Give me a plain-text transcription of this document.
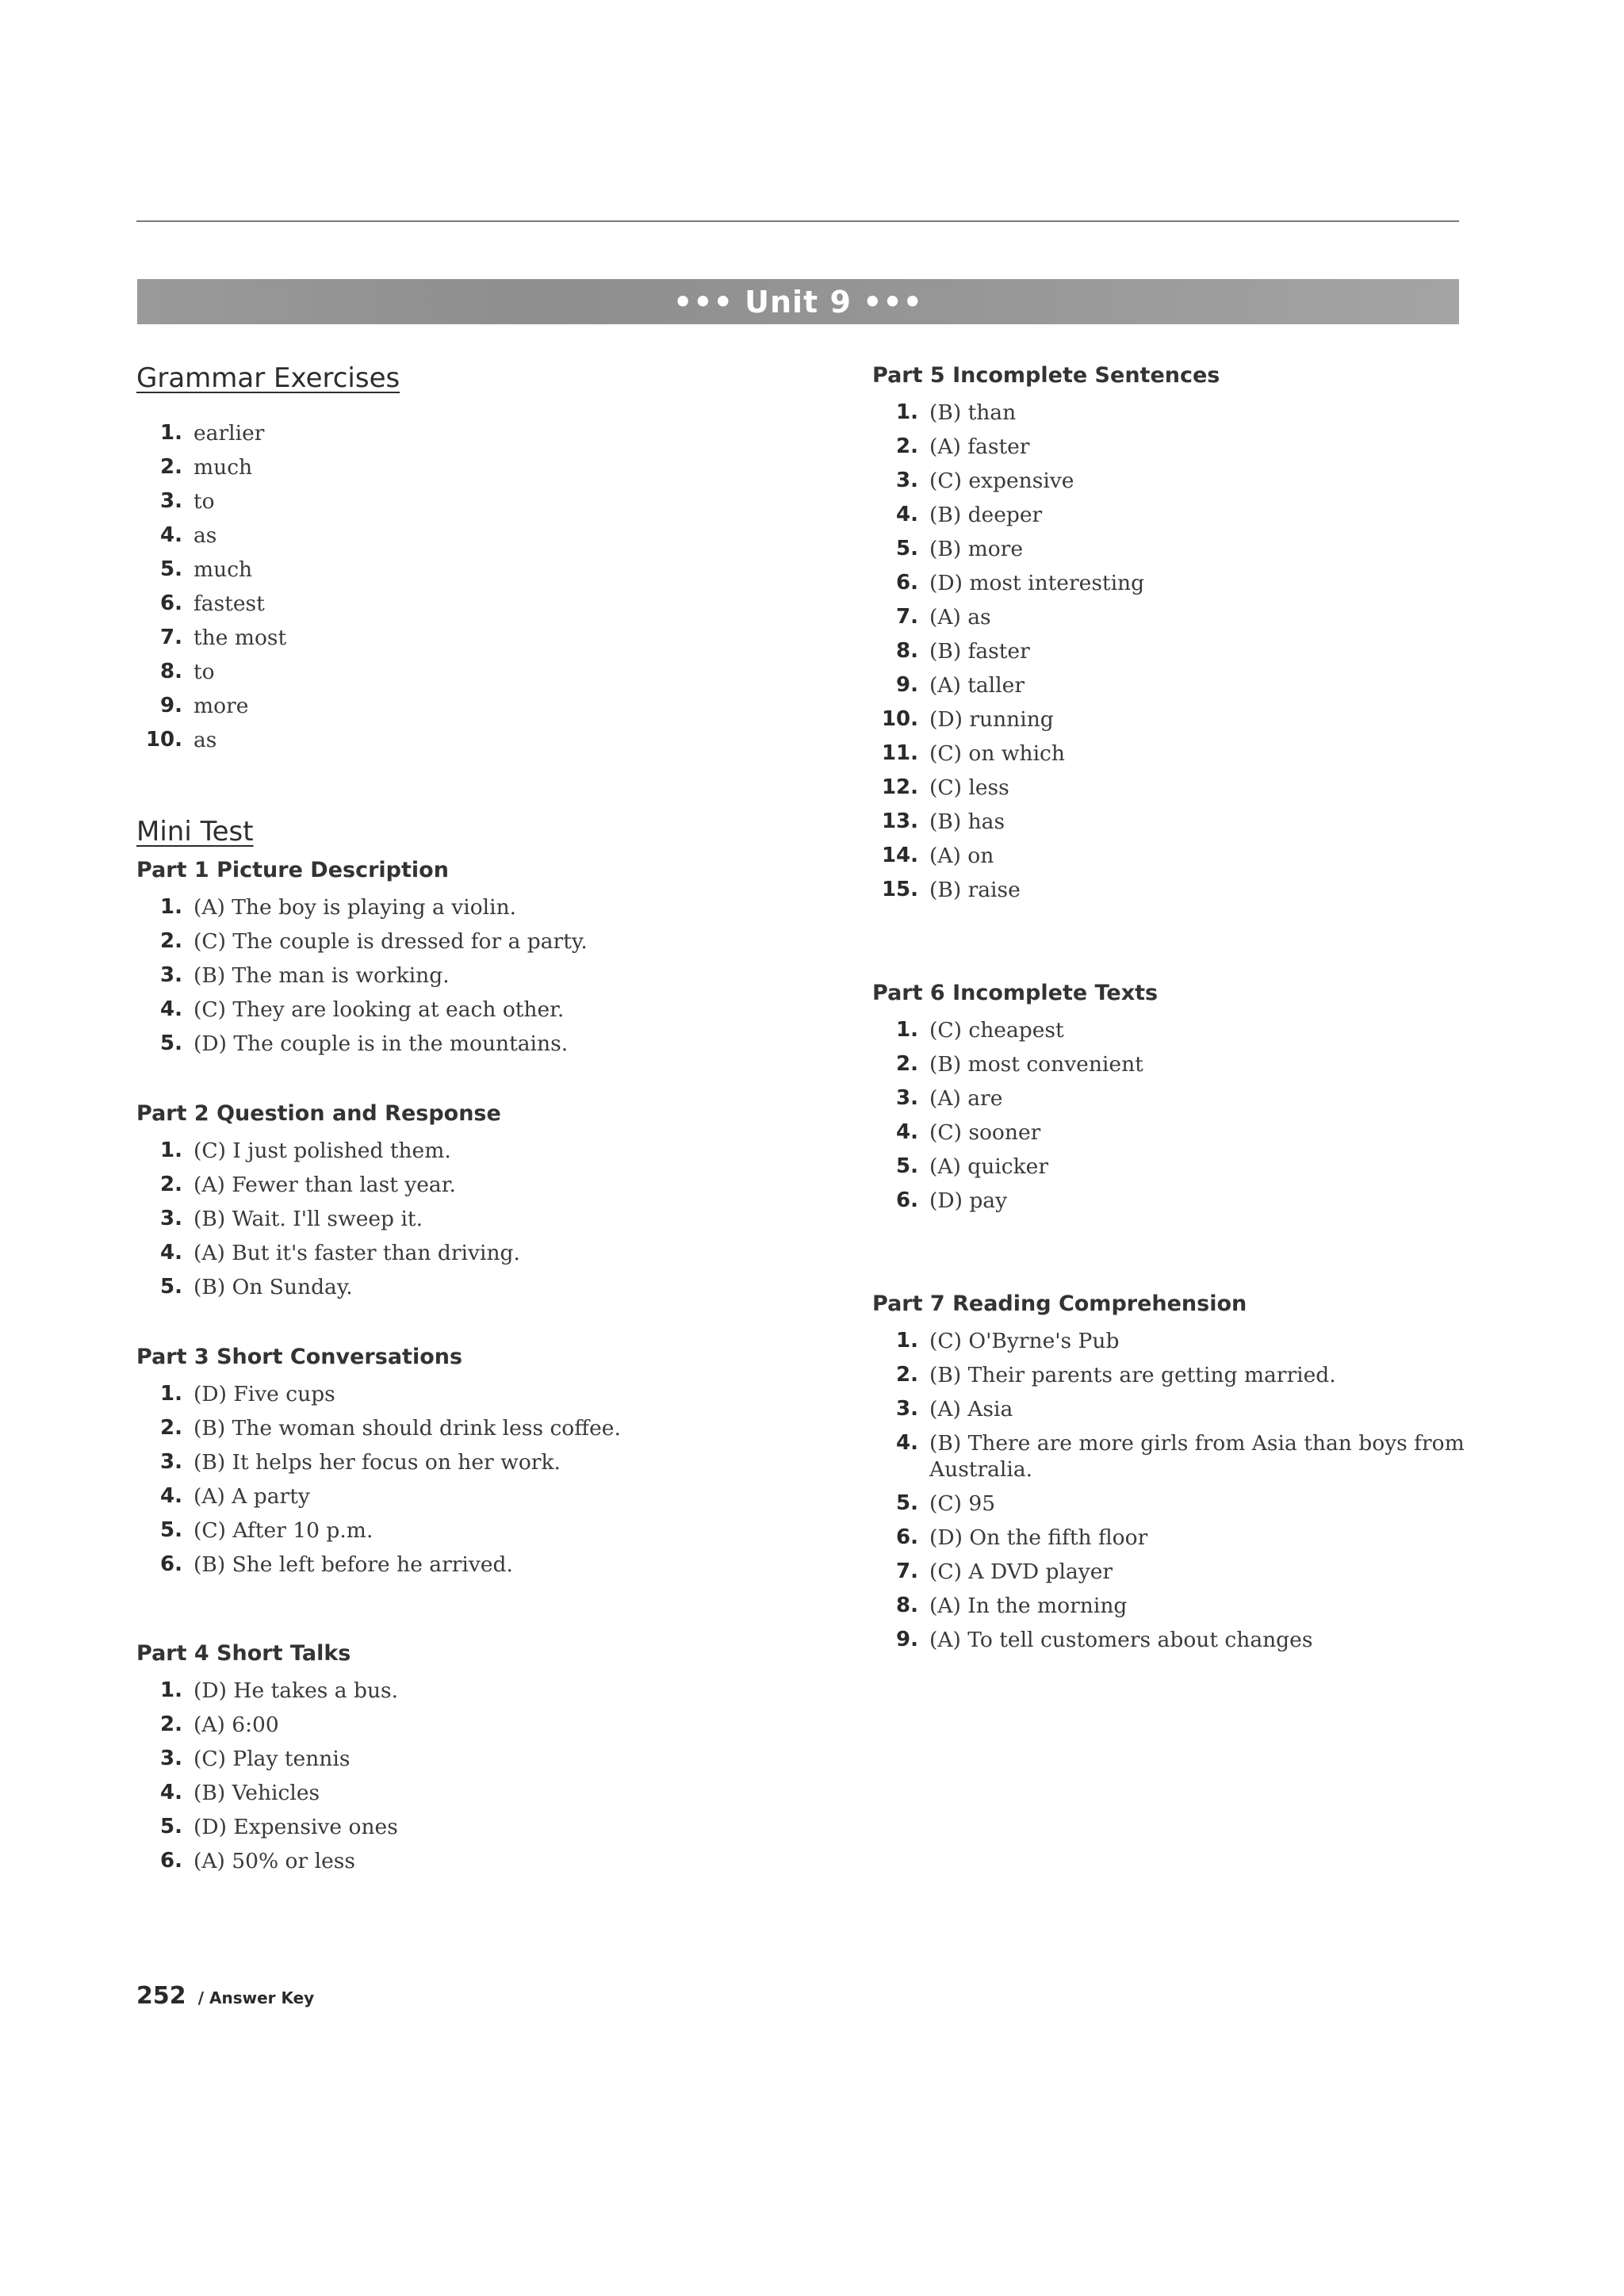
••• Unit 9 •••
Grammar Exercises
1. earlier
2. much
3. to
4. as
5. much
6. fastest
7. the most
8. to
9. more
10. as
Mini Test
Part 1 Picture Description
1. (A) The boy is playing a violin.
2. (C) The couple is dressed for a party.
3. (B) The man is working.
4. (C) They are looking at each other.
5. (D) The couple is in the mountains.
Part 2 Question and Response
1. (C) I just polished them.
2. (A) Fewer than last year.
3. (B) Wait. I'll sweep it.
4. (A) But it's faster than driving.
5. (B) On Sunday.
Part 3 Short Conversations
1. (D) Five cups
2. (B) The woman should drink less coffee.
3. (B) It helps her focus on her work.
4. (A) A party
5. (C) After 10 p.m.
6. (B) She left before he arrived.
Part 4 Short Talks
1. (D) He takes a bus.
2. (A) 6:00
3. (C) Play tennis
4. (B) Vehicles
5. (D) Expensive ones
6. (A) 50% or less
Part 5 Incomplete Sentences
1. (B) than
2. (A) faster
3. (C) expensive
4. (B) deeper
5. (B) more
6. (D) most interesting
7. (A) as
8. (B) faster
9. (A) taller
10. (D) running
11. (C) on which
12. (C) less
13. (B) has
14. (A) on
15. (B) raise
Part 6 Incomplete Texts
1. (C) cheapest
2. (B) most convenient
3. (A) are
4. (C) sooner
5. (A) quicker
6. (D) pay
Part 7 Reading Comprehension
1. (C) O'Byrne's Pub
2. (B) Their parents are getting married.
3. (A) Asia
4. (B) There are more girls from Asia than boys from Australia.
5. (C) 95
6. (D) On the fifth floor
7. (C) A DVD player
8. (A) In the morning
9. (A) To tell customers about changes
252 / Answer Key
